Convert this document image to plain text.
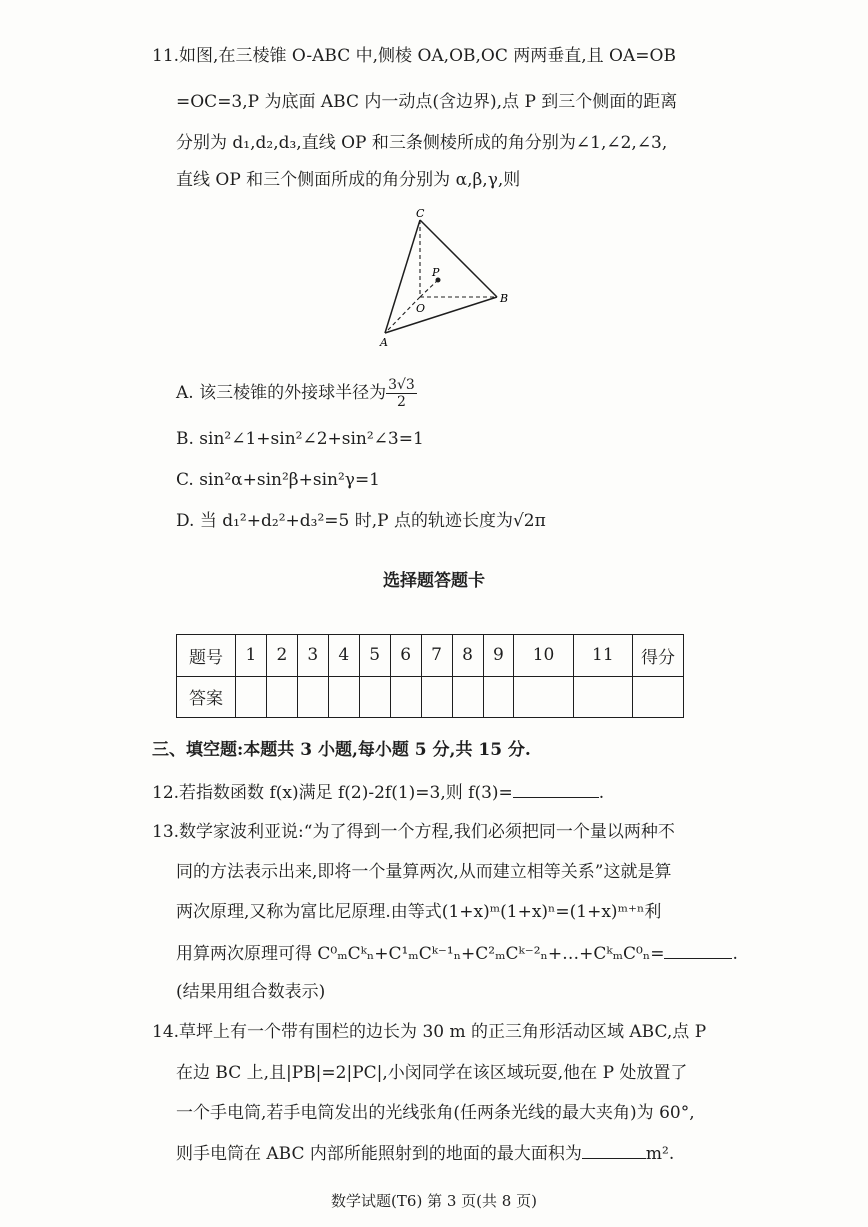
11.如图,在三棱锥 O-ABC 中,侧棱 OA,OB,OC 两两垂直,且 OA=OB
=OC=3,P 为底面 ABC 内一动点(含边界),点 P 到三个侧面的距离
分别为 d₁,d₂,d₃,直线 OP 和三条侧棱所成的角分别为∠1,∠2,∠3,
直线 OP 和三个侧面所成的角分别为 α,β,γ,则
C
P
O
B
A
A. 该三棱锥的外接球半径为 $\frac{3√3}{2}$
B. sin²∠1+sin²∠2+sin²∠3=1
C. sin²α+sin²β+sin²γ=1
D. 当 d₁²+d₂²+d₃²=5 时,P 点的轨迹长度为√2π
选择题答题卡
题号	1	2	3	4	5	6	7	8	9	10	11	得分
答案												
三、填空题:本题共 3 小题,每小题 5 分,共 15 分.
12.若指数函数 f(x)满足 f(2)-2f(1)=3,则 f(3)=	.
13.数学家波利亚说:“为了得到一个方程,我们必须把同一个量以两种不
同的方法表示出来,即将一个量算两次,从而建立相等关系”这就是算
两次原理,又称为富比尼原理.由等式(1+x)ᵐ(1+x)ⁿ=(1+x)ᵐ⁺ⁿ利
用算两次原理可得 C⁰ₘCᵏₙ+C¹ₘCᵏ⁻¹ₙ+C²ₘCᵏ⁻²ₙ+…+CᵏₘC⁰ₙ=	.
(结果用组合数表示)
14.草坪上有一个带有围栏的边长为 30 m 的正三角形活动区域 ABC,点 P
在边 BC 上,且|PB|=2|PC|,小闵同学在该区域玩耍,他在 P 处放置了
一个手电筒,若手电筒发出的光线张角(任两条光线的最大夹角)为 60°,
则手电筒在 ABC 内部所能照射到的地面的最大面积为	m².
数学试题(T6) 第 3 页(共 8 页)
